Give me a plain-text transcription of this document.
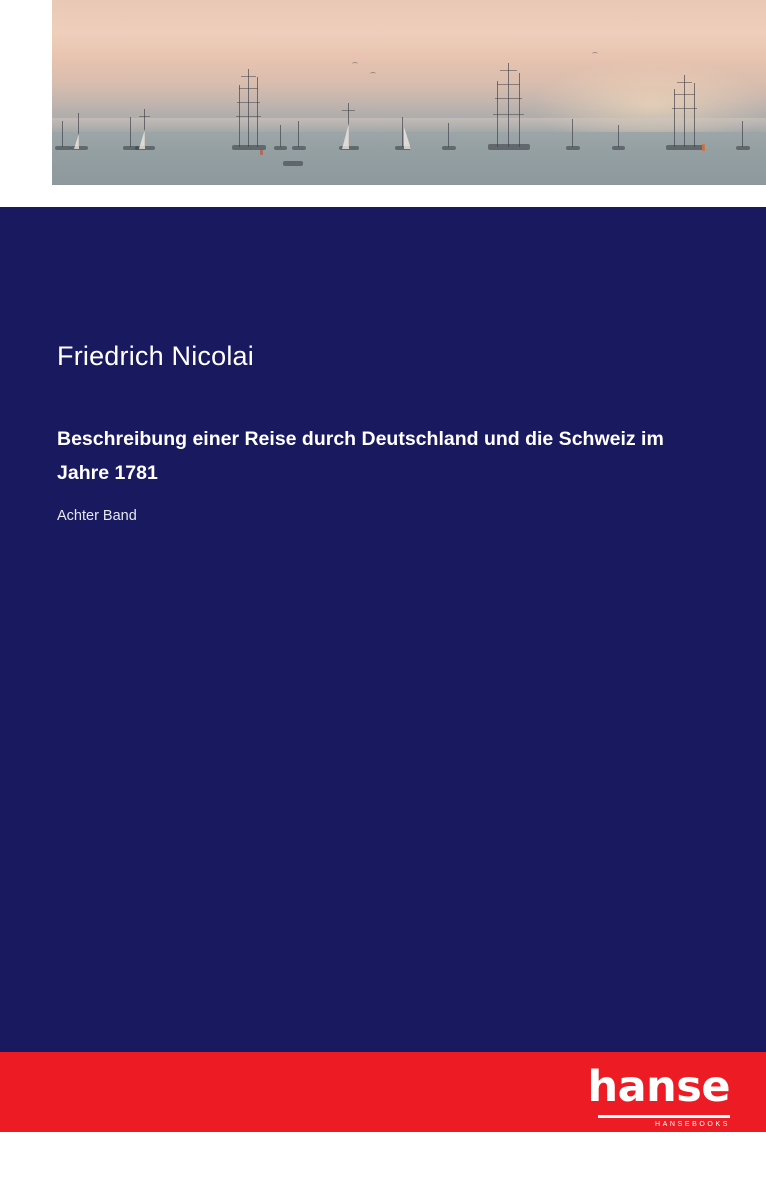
Friedrich Nicolai
Beschreibung einer Reise durch Deutschland und die Schweiz im Jahre 1781
Achter Band
hanse
HANSEBOOKS
